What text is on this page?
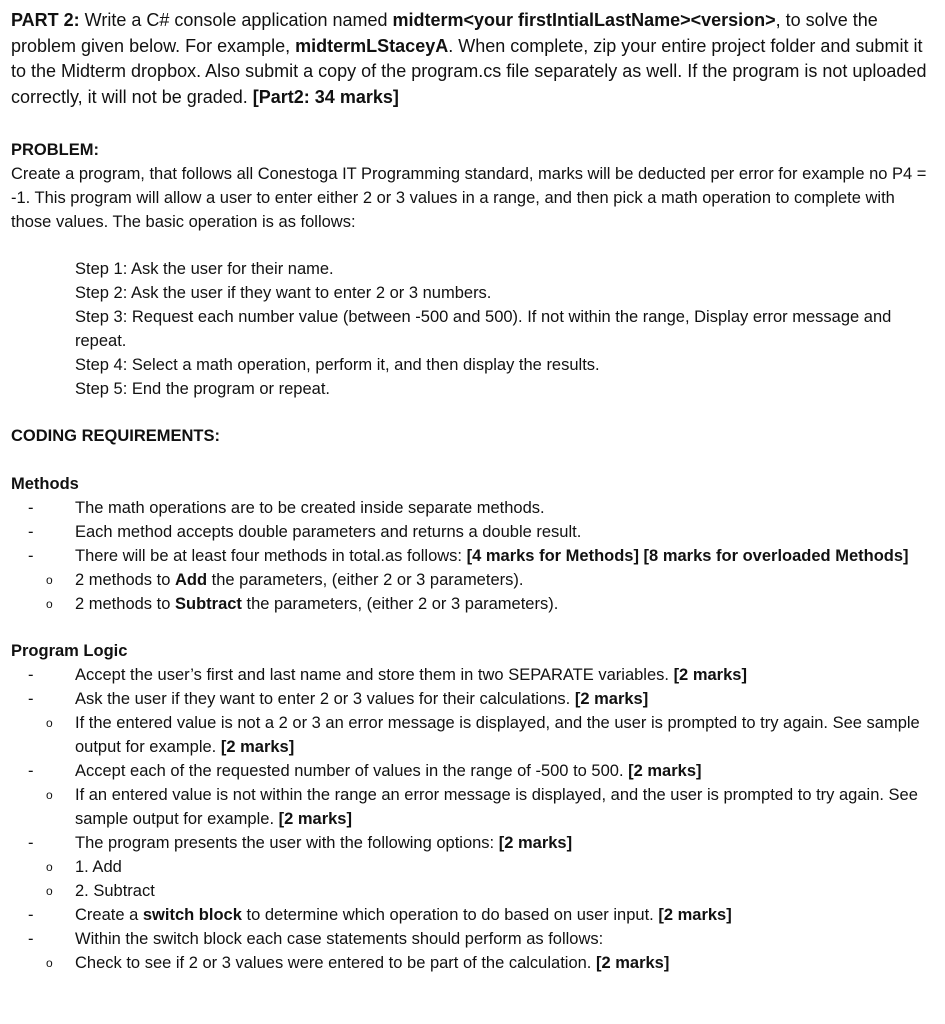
PART 2: Write a C# console application named midterm<your firstIntialLastName><version>, to solve the problem given below. For example, midtermLStaceyA. When complete, zip your entire project folder and submit it to the Midterm dropbox. Also submit a copy of the program.cs file separately as well. If the program is not uploaded correctly, it will not be graded. [Part2: 34 marks]

PROBLEM:

Create a program, that follows all Conestoga IT Programming standard, marks will be deducted per error for example no P4 = -1. This program will allow a user to enter either 2 or 3 values in a range, and then pick a math operation to complete with those values. The basic operation is as follows:

Step 1: Ask the user for their name.
Step 2: Ask the user if they want to enter 2 or 3 numbers.
Step 3: Request each number value (between -500 and 500). If not within the range, Display error message and repeat.
Step 4: Select a math operation, perform it, and then display the results.
Step 5: End the program or repeat.

CODING REQUIREMENTS:

Methods

-	The math operations are to be created inside separate methods.
-	Each method accepts double parameters and returns a double result.
-	There will be at least four methods in total.as follows: [4 marks for Methods] [8 marks for overloaded Methods]
o 2 methods to Add the parameters, (either 2 or 3 parameters).
o 2 methods to Subtract the parameters, (either 2 or 3 parameters).

Program Logic

-	Accept the user’s first and last name and store them in two SEPARATE variables. [2 marks]
-	Ask the user if they want to enter 2 or 3 values for their calculations. [2 marks]
o If the entered value is not a 2 or 3 an error message is displayed, and the user is prompted to try again. See sample output for example. [2 marks]
-	Accept each of the requested number of values in the range of -500 to 500. [2 marks]
o If an entered value is not within the range an error message is displayed, and the user is prompted to try again. See sample output for example. [2 marks]
-	The program presents the user with the following options: [2 marks]
o 1. Add
o 2. Subtract
-	Create a switch block to determine which operation to do based on user input. [2 marks]
-	Within the switch block each case statements should perform as follows:
o Check to see if 2 or 3 values were entered to be part of the calculation. [2 marks]
